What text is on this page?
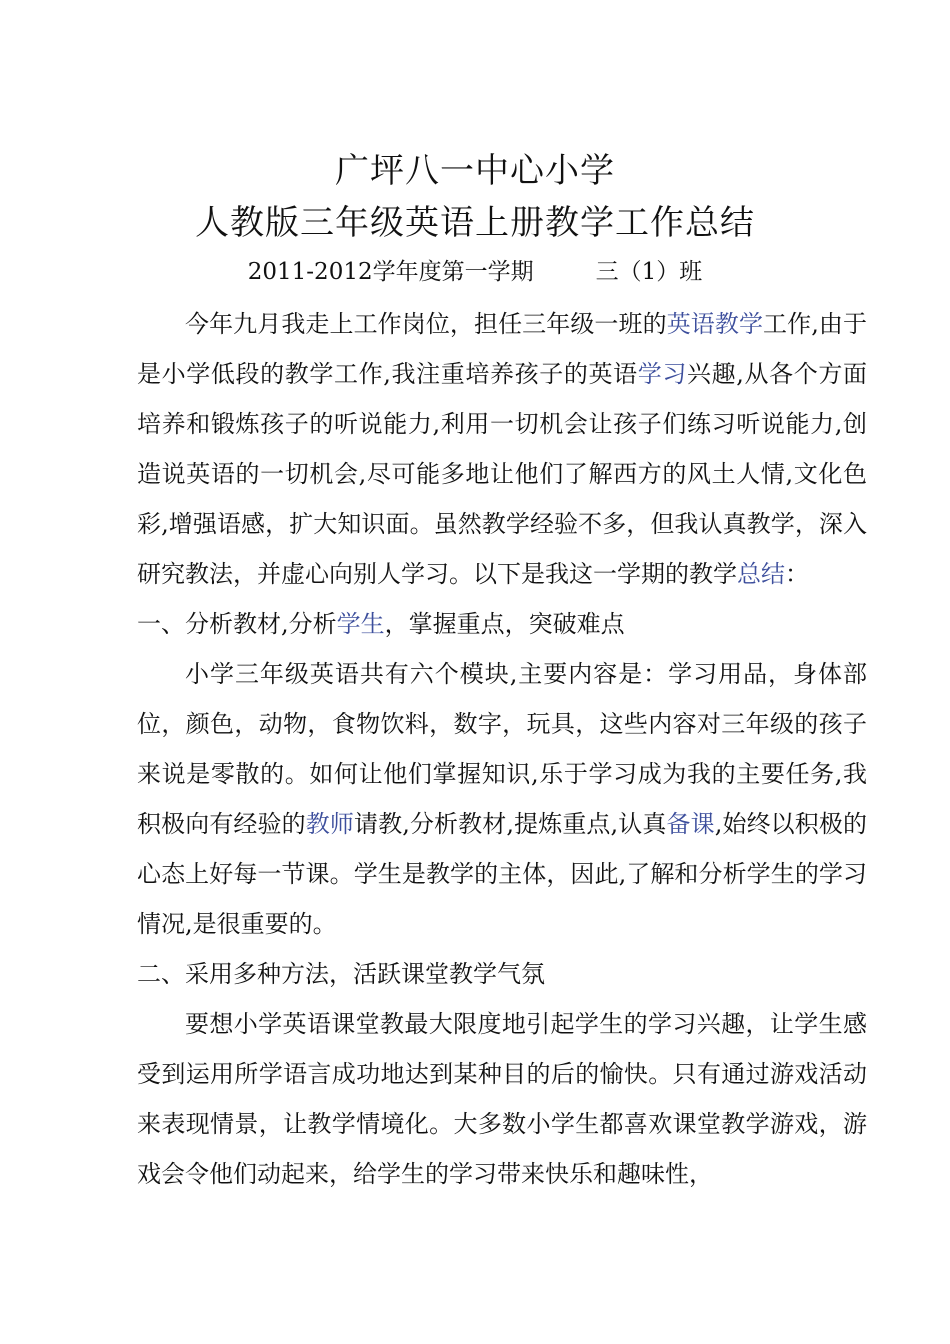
广坪八一中心小学
人教版三年级英语上册教学工作总结
2011-2012学年度第一学期	三（1）班

今年九月我走上工作岗位，担任三年级一班的英语教学工作,由于是小学低段的教学工作,我注重培养孩子的英语学习兴趣,从各个方面培养和锻炼孩子的听说能力,利用一切机会让孩子们练习听说能力,创造说英语的一切机会,尽可能多地让他们了解西方的风土人情,文化色彩,增强语感，扩大知识面。虽然教学经验不多，但我认真教学，深入研究教法，并虚心向别人学习。以下是我这一学期的教学总结：

一、分析教材,分析学生，掌握重点，突破难点

小学三年级英语共有六个模块,主要内容是：学习用品，身体部位，颜色，动物，食物饮料，数字，玩具，这些内容对三年级的孩子来说是零散的。如何让他们掌握知识,乐于学习成为我的主要任务,我积极向有经验的教师请教,分析教材,提炼重点,认真备课,始终以积极的心态上好每一节课。学生是教学的主体，因此,了解和分析学生的学习情况,是很重要的。

二、采用多种方法，活跃课堂教学气氛

要想小学英语课堂教最大限度地引起学生的学习兴趣，让学生感受到运用所学语言成功地达到某种目的后的愉快。只有通过游戏活动来表现情景，让教学情境化。大多数小学生都喜欢课堂教学游戏，游戏会令他们动起来，给学生的学习带来快乐和趣味性，
